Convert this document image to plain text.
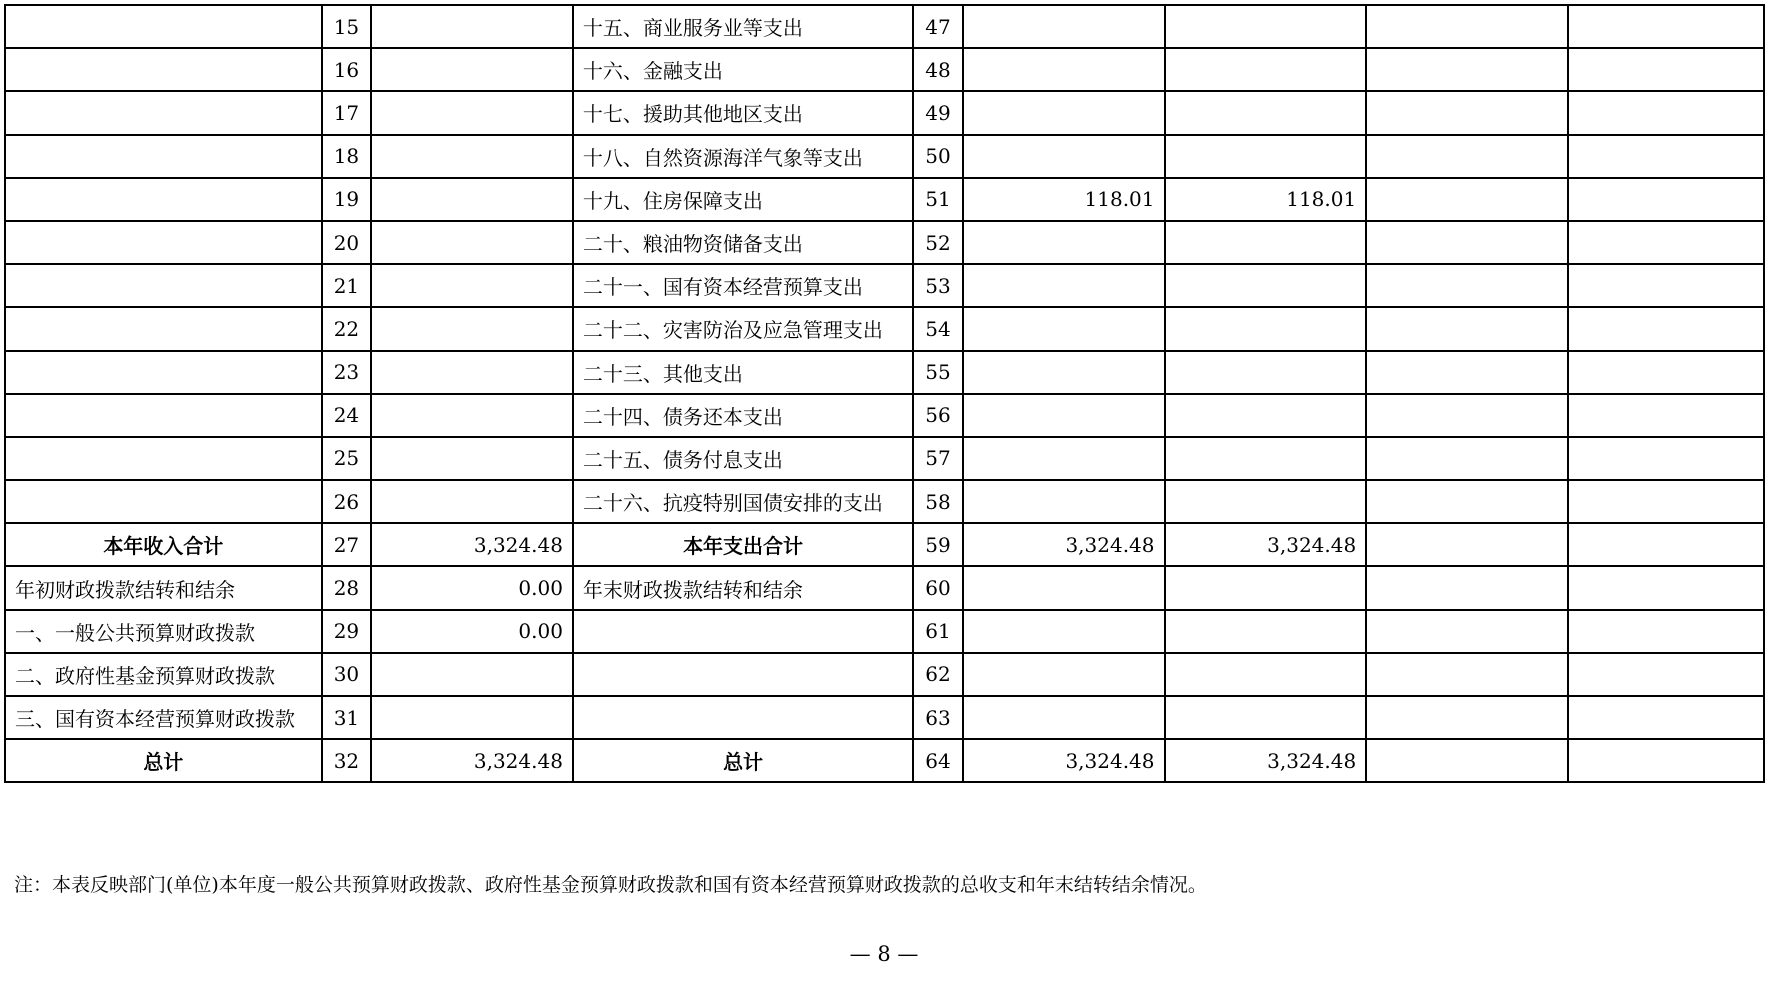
	15		十五、商业服务业等支出	47				
	16		十六、金融支出	48				
	17		十七、援助其他地区支出	49				
	18		十八、自然资源海洋气象等支出	50				
	19		十九、住房保障支出	51	118.01	118.01		
	20		二十、粮油物资储备支出	52				
	21		二十一、国有资本经营预算支出	53				
	22		二十二、灾害防治及应急管理支出	54				
	23		二十三、其他支出	55				
	24		二十四、债务还本支出	56				
	25		二十五、债务付息支出	57				
	26		二十六、抗疫特别国债安排的支出	58				
本年收入合计	27	3,324.48	本年支出合计	59	3,324.48	3,324.48		
年初财政拨款结转和结余	28	0.00	年末财政拨款结转和结余	60				
一、一般公共预算财政拨款	29	0.00		61				
二、政府性基金预算财政拨款	30			62				
三、国有资本经营预算财政拨款	31			63				
总计	32	3,324.48	总计	64	3,324.48	3,324.48		
注：本表反映部门(单位)本年度一般公共预算财政拨款、政府性基金预算财政拨款和国有资本经营预算财政拨款的总收支和年末结转结余情况。
— 8 —
